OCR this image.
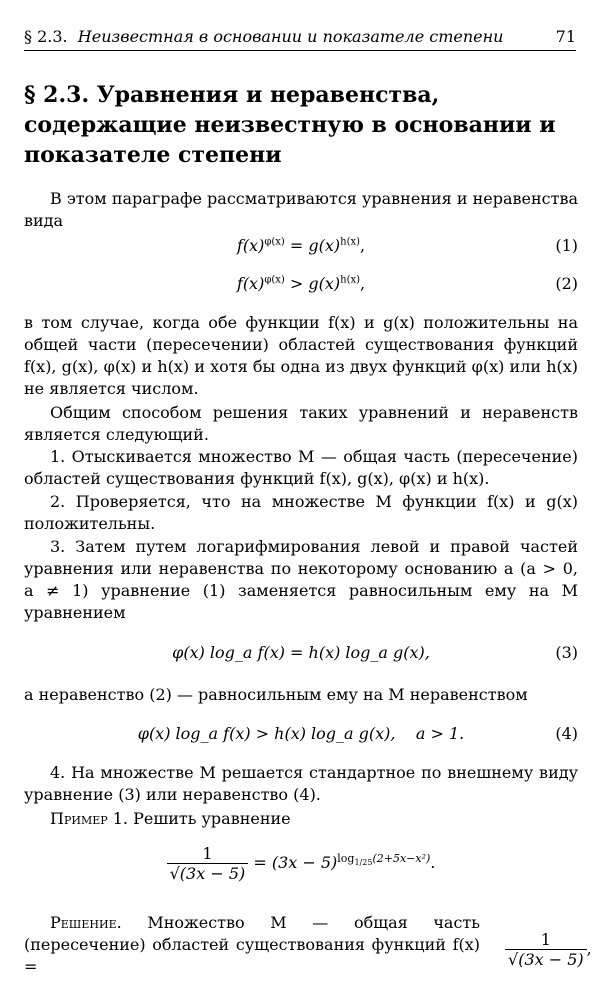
§ 2.3. Неизвестная в основании и показателе степени	71
§ 2.3. Уравнения и неравенства, содержащие неизвестную в основании и показателе степени
В этом параграфе рассматриваются уравнения и неравенства вида
$f(x)^{\varphi(x)} = g(x)^{h(x)}$,	(1)
$f(x)^{\varphi(x)} > g(x)^{h(x)}$,	(2)
в том случае, когда обе функции f(x) и g(x) положительны на общей части (пересечении) областей существования функций f(x), g(x), φ(x) и h(x) и хотя бы одна из двух функций φ(x) или h(x) не является числом.
Общим способом решения таких уравнений и неравенств является следующий.
1. Отыскивается множество M — общая часть (пересечение) областей существования функций f(x), g(x), φ(x) и h(x).
2. Проверяется, что на множестве M функции f(x) и g(x) положительны.
3. Затем путем логарифмирования левой и правой частей уравнения или неравенства по некоторому основанию a (a > 0, a ≠ 1) уравнение (1) заменяется равносильным ему на M уравнением
φ(x) log_a f(x) = h(x) log_a g(x),	(3)
а неравенство (2) — равносильным ему на M неравенством
φ(x) log_a f(x) > h(x) log_a g(x), a > 1.	(4)
4. На множестве M решается стандартное по внешнему виду уравнение (3) или неравенство (4).
Пример 1. Решить уравнение
$\frac{1}{√(3x - 5)} = (3x - 5)^{log_{1/25}(2+5x-x^2)}$.
Решение. Множество M — общая часть (пересечение) областей существования функций f(x) =	$\frac{1}{√(3x - 5)}$ ,
